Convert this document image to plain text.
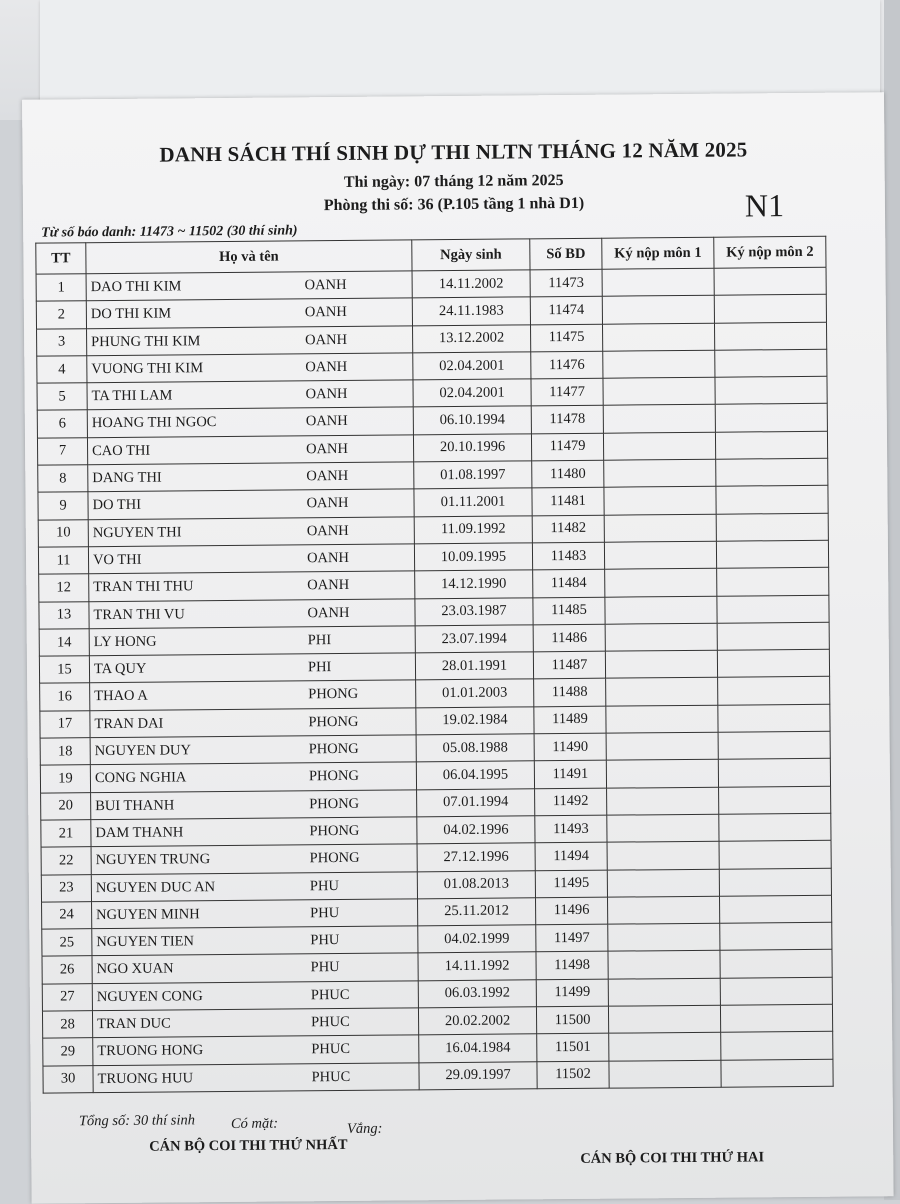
DANH SÁCH THÍ SINH DỰ THI NLTN THÁNG 12 NĂM 2025
Thi ngày: 07 tháng 12 năm 2025
Phòng thi số: 36 (P.105 tầng 1 nhà D1)	N1
Từ số báo danh: 11473 ~ 11502 (30 thí sinh)
TT	Họ và tên	Ngày sinh	Số BD	Ký nộp môn 1	Ký nộp môn 2
1	DAO THI KIM OANH	14.11.2002	11473		
2	DO THI KIM OANH	24.11.1983	11474		
3	PHUNG THI KIM OANH	13.12.2002	11475		
4	VUONG THI KIM OANH	02.04.2001	11476		
5	TA THI LAM OANH	02.04.2001	11477		
6	HOANG THI NGOC OANH	06.10.1994	11478		
7	CAO THI OANH	20.10.1996	11479		
8	DANG THI OANH	01.08.1997	11480		
9	DO THI OANH	01.11.2001	11481		
10	NGUYEN THI OANH	11.09.1992	11482		
11	VO THI OANH	10.09.1995	11483		
12	TRAN THI THU OANH	14.12.1990	11484		
13	TRAN THI VU OANH	23.03.1987	11485		
14	LY HONG PHI	23.07.1994	11486		
15	TA QUY PHI	28.01.1991	11487		
16	THAO A PHONG	01.01.2003	11488		
17	TRAN DAI PHONG	19.02.1984	11489		
18	NGUYEN DUY PHONG	05.08.1988	11490		
19	CONG NGHIA PHONG	06.04.1995	11491		
20	BUI THANH PHONG	07.01.1994	11492		
21	DAM THANH PHONG	04.02.1996	11493		
22	NGUYEN TRUNG PHONG	27.12.1996	11494		
23	NGUYEN DUC AN PHU	01.08.2013	11495		
24	NGUYEN MINH PHU	25.11.2012	11496		
25	NGUYEN TIEN PHU	04.02.1999	11497		
26	NGO XUAN PHU	14.11.1992	11498		
27	NGUYEN CONG PHUC	06.03.1992	11499		
28	TRAN DUC PHUC	20.02.2002	11500		
29	TRUONG HONG PHUC	16.04.1984	11501		
30	TRUONG HUU PHUC	29.09.1997	11502		
Tổng số: 30 thí sinh Có mặt:	Vắng:
CÁN BỘ COI THI THỨ NHẤT
CÁN BỘ COI THI THỨ HAI
